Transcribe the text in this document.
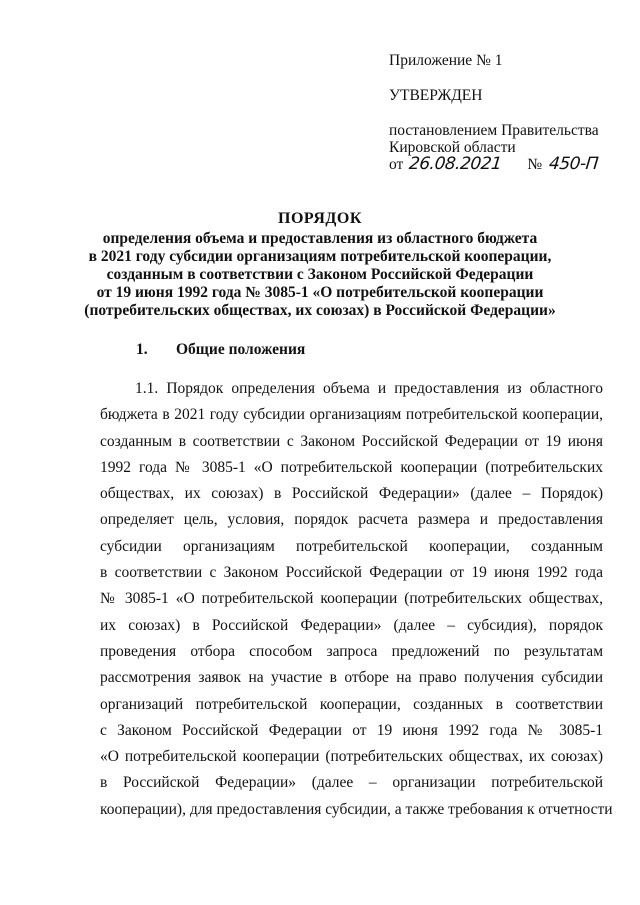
Приложение № 1
УТВЕРЖДЕН
постановлением Правительства
Кировской области
от 26.08.2021 № 450-П
ПОРЯДОК
определения объема и предоставления из областного бюджета
в 2021 году субсидии организациям потребительской кооперации,
созданным в соответствии с Законом Российской Федерации
от 19 июня 1992 года № 3085-1 «О потребительской кооперации
(потребительских обществах, их союзах) в Российской Федерации»
1. Общие положения
1.1. Порядок определения объема и предоставления из областного
бюджета в 2021 году субсидии организациям потребительской кооперации,
созданным в соответствии с Законом Российской Федерации от 19 июня
1992 года № 3085-1 «О потребительской кооперации (потребительских
обществах, их союзах) в Российской Федерации» (далее – Порядок)
определяет цель, условия, порядок расчета размера и предоставления
субсидии организациям потребительской кооперации, созданным
в соответствии с Законом Российской Федерации от 19 июня 1992 года
№ 3085-1 «О потребительской кооперации (потребительских обществах,
их союзах) в Российской Федерации» (далее – субсидия), порядок
проведения отбора способом запроса предложений по результатам
рассмотрения заявок на участие в отборе на право получения субсидии
организаций потребительской кооперации, созданных в соответствии
с Законом Российской Федерации от 19 июня 1992 года № 3085-1
«О потребительской кооперации (потребительских обществах, их союзах)
в Российской Федерации» (далее – организации потребительской
кооперации), для предоставления субсидии, а также требования к отчетности
